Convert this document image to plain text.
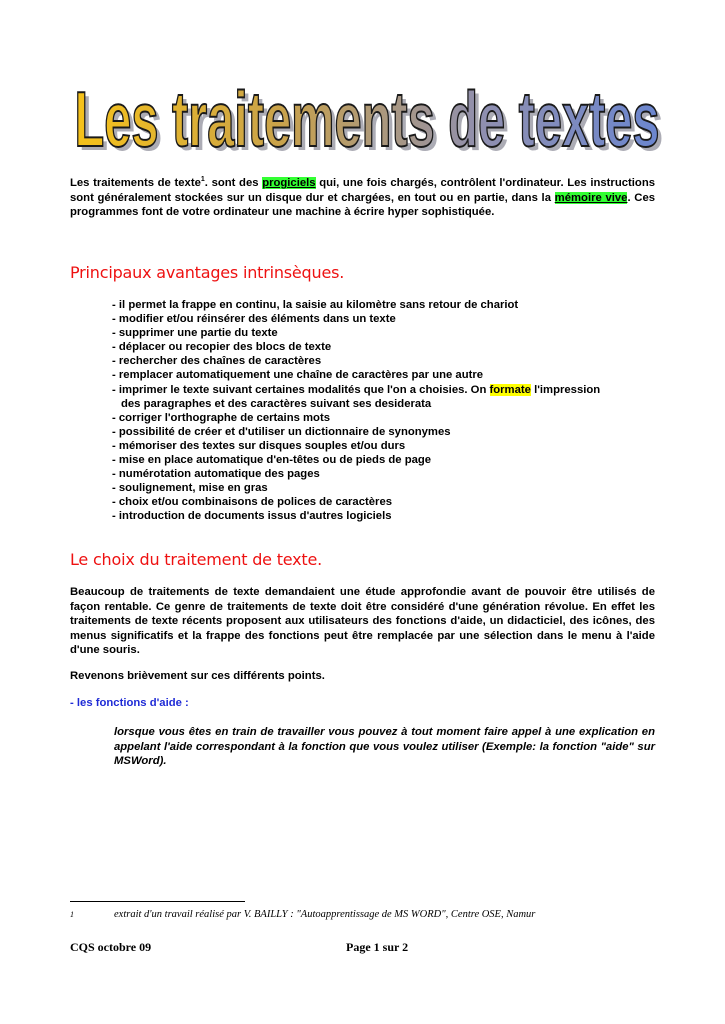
Les traitements de textes
Les traitements de textes
Les traitements de texte$^1$. sont des progiciels qui, une fois chargés, contrôlent l'ordinateur. Les instructions sont généralement stockées sur un disque dur et chargées, en tout ou en partie, dans la mémoire vive. Ces programmes font de votre ordinateur une machine à écrire hyper sophistiquée.
Principaux avantages intrinsèques.
- il permet la frappe en continu, la saisie au kilomètre sans retour de chariot
- modifier et/ou réinsérer des éléments dans un texte
- supprimer une partie du texte
- déplacer ou recopier des blocs de texte
- rechercher des chaînes de caractères
- remplacer automatiquement une chaîne de caractères par une autre
- imprimer le texte suivant certaines modalités que l'on a choisies. On formate l'impression
des paragraphes et des caractères suivant ses desiderata
- corriger l'orthographe de certains mots
- possibilité de créer et d'utiliser un dictionnaire de synonymes
- mémoriser des textes sur disques souples et/ou durs
- mise en place automatique d'en-têtes ou de pieds de page
- numérotation automatique des pages
- soulignement, mise en gras
- choix et/ou combinaisons de polices de caractères
- introduction de documents issus d'autres logiciels
Le choix du traitement de texte.
Beaucoup de traitements de texte demandaient une étude approfondie avant de pouvoir être utilisés de façon rentable. Ce genre de traitements de texte doit être considéré d'une génération révolue. En effet les traitements de texte récents proposent aux utilisateurs des fonctions d'aide, un didacticiel, des icônes, des menus significatifs et la frappe des fonctions peut être remplacée par une sélection dans le menu à l'aide d'une souris.
Revenons brièvement sur ces différents points.
- les fonctions d'aide :
lorsque vous êtes en train de travailler vous pouvez à tout moment faire appel à une explication en appelant l'aide correspondant à la fonction que vous voulez utiliser (Exemple: la fonction "aide" sur MSWord).
1	extrait d'un travail réalisé par V. BAILLY : "Autoapprentissage de MS WORD", Centre OSE, Namur
CQS octobre 09	Page 1 sur 2
